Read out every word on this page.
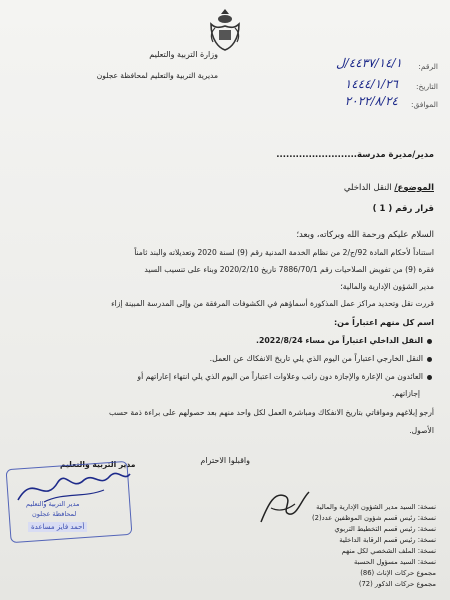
وزارة التربية والتعليم
مديرية التربية والتعليم لمحافظة عجلون
الرقم:
٤٤٣٧/١٤/١/ل
التاريخ:
١٤٤٤/١/٢٦
الموافق:
٢٠٢٢/٨/٢٤
مدير/مديرة مدرسة.........................
الموضوع/ النقل الداخلي
قرار رقم ( 1 )
السلام عليكم ورحمة الله وبركاته، وبعد؛
استناداً لأحكام المادة 92/ج/2 من نظام الخدمة المدنية رقم (9) لسنة 2020 وتعديلاته والبند ثامناً
فقرة (9) من تفويض الصلاحيات رقم 7886/70/1 تاريخ 2020/2/10 وبناء على تنسيب السيد
مدير الشؤون الإدارية والمالية؛
قررت نقل وتحديد مراكز عمل المذكورة أسماؤهم في الكشوفات المرفقة من وإلى المدرسة المبينة إزاء
اسم كل منهم اعتباراً من:
النقل الداخلي اعتباراً من مساء 2022/8/24.
النقل الخارجي اعتباراً من اليوم الذي يلي تاريخ الانفكاك عن العمل.
العائدون من الإعارة والإجازة دون راتب وعلاوات اعتباراً من اليوم الذي يلي انتهاء إعاراتهم أو
إجازاتهم.
أرجو إبلاغهم وموافاتي بتاريخ الانفكاك ومباشرة العمل لكل واحد منهم بعد حصولهم على براءة ذمة حسب
الأصول.
واقبلوا الاحترام
مدير التربية والتعليم
مدير التربية والتعليم
لمحافظة عجلون
أحمد فايز مساعدة
نسخة: السيد مدير الشؤون الإدارية والمالية
نسخة: رئيس قسم شؤون الموظفين عدد(2)
نسخة: رئيس قسم التخطيط التربوي
نسخة: رئيس قسم الرقابة الداخلية
نسخة: الملف الشخصي لكل منهم
نسخة: السيد مسؤول الحسبة
مجموع حركات الإناث (86)
مجموع حركات الذكور (72)
